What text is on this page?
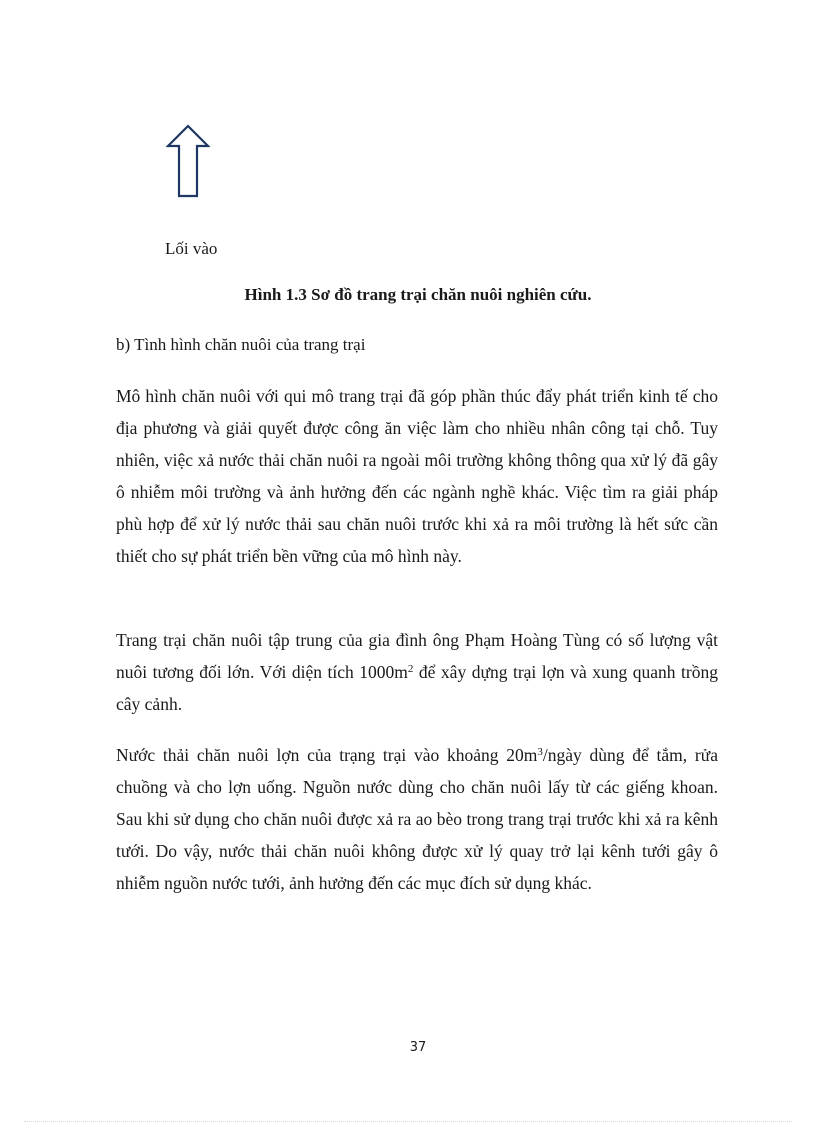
Lối vào
Hình 1.3 Sơ đồ trang trại chăn nuôi nghiên cứu.
b) Tình hình chăn nuôi của trang trại

Mô hình chăn nuôi với qui mô trang trại đã góp phần thúc đẩy phát triển kinh tế cho địa phương và giải quyết được công ăn việc làm cho nhiều nhân công tại chỗ. Tuy nhiên, việc xả nước thải chăn nuôi ra ngoài môi trường không thông qua xử lý đã gây ô nhiễm môi trường và ảnh hưởng đến các ngành nghề khác. Việc tìm ra giải pháp phù hợp để xử lý nước thải sau chăn nuôi trước khi xả ra môi trường là hết sức cần thiết cho sự phát triển bền vững của mô hình này.

Trang trại chăn nuôi tập trung của gia đình ông Phạm Hoàng Tùng có số lượng vật nuôi tương đối lớn. Với diện tích $1000m^2$ để xây dựng trại lợn và xung quanh trồng cây cảnh.

Nước thải chăn nuôi lợn của trạng trại vào khoảng $20m^3$/ngày dùng để tắm, rửa chuồng và cho lợn uống. Nguồn nước dùng cho chăn nuôi lấy từ các giếng khoan. Sau khi sử dụng cho chăn nuôi được xả ra ao bèo trong trang trại trước khi xả ra kênh tưới. Do vậy, nước thải chăn nuôi không được xử lý quay trở lại kênh tưới gây ô nhiễm nguồn nước tưới, ảnh hưởng đến các mục đích sử dụng khác.

37
